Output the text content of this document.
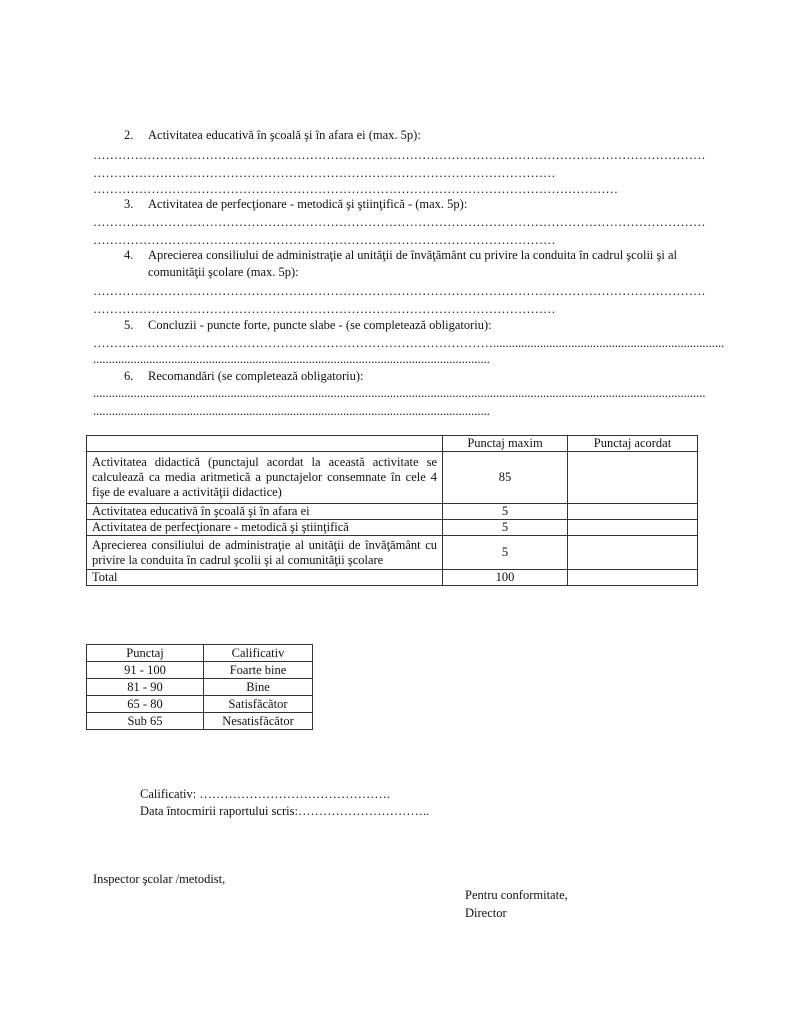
2. Activitatea educativă în şcoală şi în afara ei (max. 5p):
…………………………………………………………………………………………………………………………………
…………………………………………………………………………………………………
………………………………………………………………………………………………………………
3. Activitatea de perfecţionare - metodică şi ştiinţifică - (max. 5p):
…………………………………………………………………………………………………………………………………
…………………………………………………………………………………………………
4.	Aprecierea consiliului de administraţie al unităţii de învăţământ cu privire la conduita în cadrul şcolii şi al comunităţii şcolare (max. 5p):
…………………………………………………………………………………………………………………………………
…………………………………………………………………………………………………
5. Concluzii - puncte forte, puncte slabe - (se completează obligatoriu):
……………………………………………………………………………………..........................................................................
...............................................................................................................................
6. Recomandări (se completează obligatoriu):
....................................................................................................................................................................................................
...............................................................................................................................
	Punctaj maxim	Punctaj acordat
Activitatea didactică (punctajul acordat la această activitate se calculează ca media aritmetică a punctajelor consemnate în cele 4 fişe de evaluare a activităţii didactice)	85	
Activitatea educativă în şcoală şi în afara ei	5	
Activitatea de perfecţionare - metodică şi ştiinţifică	5	
Aprecierea consiliului de administraţie al unităţii de învăţământ cu privire la conduita în cadrul şcolii şi al comunităţii şcolare	5	
Total	100	
Punctaj	Calificativ
91 - 100	Foarte bine
81 - 90	Bine
65 - 80	Satisfăcător
Sub 65	Nesatisfăcător
Calificativ: ……………………………………….
Data întocmirii raportului scris:…………………………..
Inspector şcolar /metodist,
Pentru conformitate,
Director
